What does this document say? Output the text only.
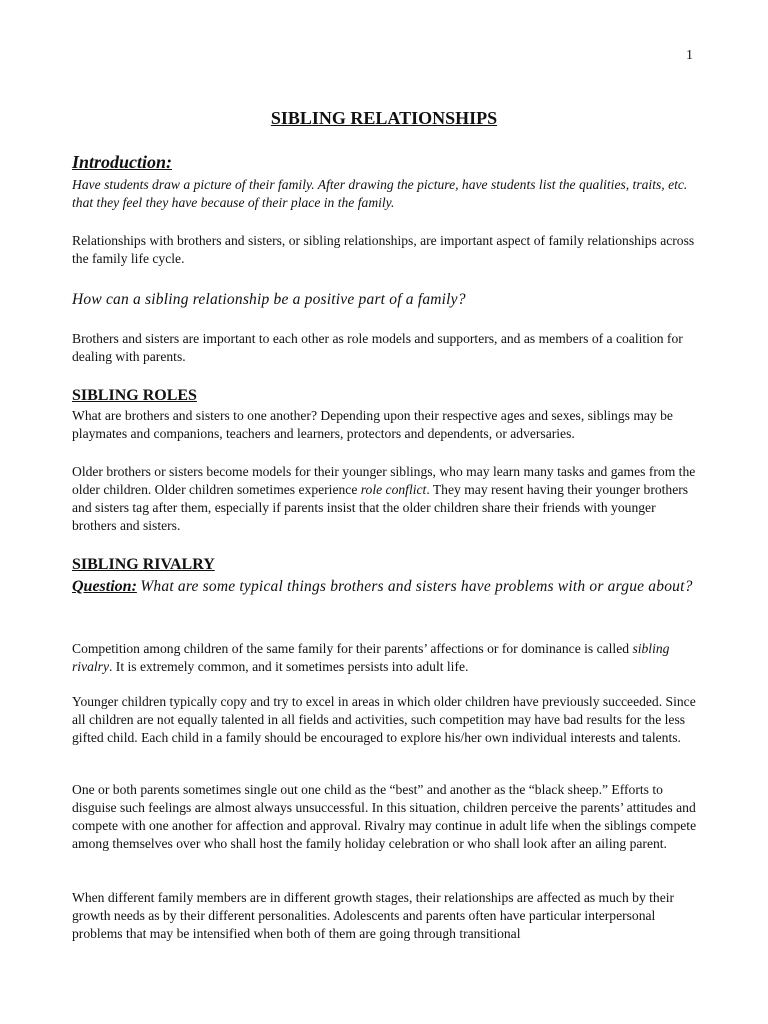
1
SIBLING RELATIONSHIPS

Introduction:

Have students draw a picture of their family. After drawing the picture, have students list the qualities, traits, etc. that they feel they have because of their place in the family.

Relationships with brothers and sisters, or sibling relationships, are important aspect of family relationships across the family life cycle.

How can a sibling relationship be a positive part of a family?

Brothers and sisters are important to each other as role models and supporters, and as members of a coalition for dealing with parents.

SIBLING ROLES

What are brothers and sisters to one another? Depending upon their respective ages and sexes, siblings may be playmates and companions, teachers and learners, protectors and dependents, or adversaries.

Older brothers or sisters become models for their younger siblings, who may learn many tasks and games from the older children. Older children sometimes experience role conflict. They may resent having their younger brothers and sisters tag after them, especially if parents insist that the older children share their friends with younger brothers and sisters.

SIBLING RIVALRY

Question: What are some typical things brothers and sisters have problems with or argue about?

Competition among children of the same family for their parents’ affections or for dominance is called sibling rivalry. It is extremely common, and it sometimes persists into adult life.

Younger children typically copy and try to excel in areas in which older children have previously succeeded. Since all children are not equally talented in all fields and activities, such competition may have bad results for the less gifted child. Each child in a family should be encouraged to explore his/her own individual interests and talents.

One or both parents sometimes single out one child as the “best” and another as the “black sheep.” Efforts to disguise such feelings are almost always unsuccessful. In this situation, children perceive the parents’ attitudes and compete with one another for affection and approval. Rivalry may continue in adult life when the siblings compete among themselves over who shall host the family holiday celebration or who shall look after an ailing parent.

When different family members are in different growth stages, their relationships are affected as much by their growth needs as by their different personalities. Adolescents and parents often have particular interpersonal problems that may be intensified when both of them are going through transitional
